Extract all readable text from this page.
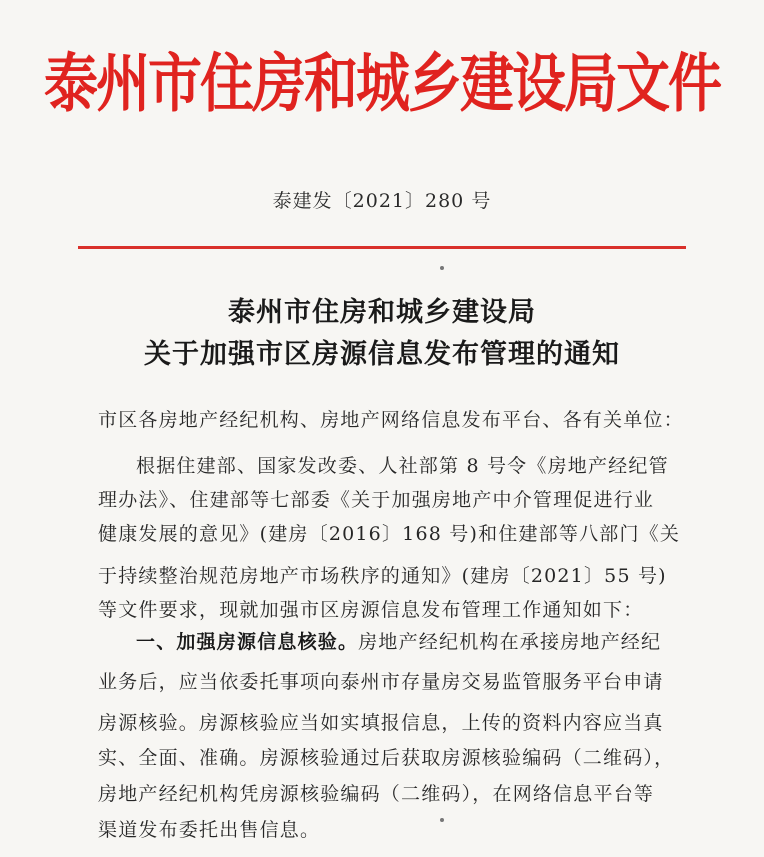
泰州市住房和城乡建设局文件
泰建发〔2021〕280 号
泰州市住房和城乡建设局
关于加强市区房源信息发布管理的通知
市区各房地产经纪机构、房地产网络信息发布平台、各有关单位：
根据住建部、国家发改委、人社部第 8 号令《房地产经纪管
理办法》、住建部等七部委《关于加强房地产中介管理促进行业
健康发展的意见》(建房〔2016〕168 号)和住建部等八部门《关
于持续整治规范房地产市场秩序的通知》(建房〔2021〕55 号)
等文件要求，现就加强市区房源信息发布管理工作通知如下：
一、加强房源信息核验。房地产经纪机构在承接房地产经纪
业务后，应当依委托事项向泰州市存量房交易监管服务平台申请
房源核验。房源核验应当如实填报信息，上传的资料内容应当真
实、全面、准确。房源核验通过后获取房源核验编码（二维码），
房地产经纪机构凭房源核验编码（二维码），在网络信息平台等
渠道发布委托出售信息。
